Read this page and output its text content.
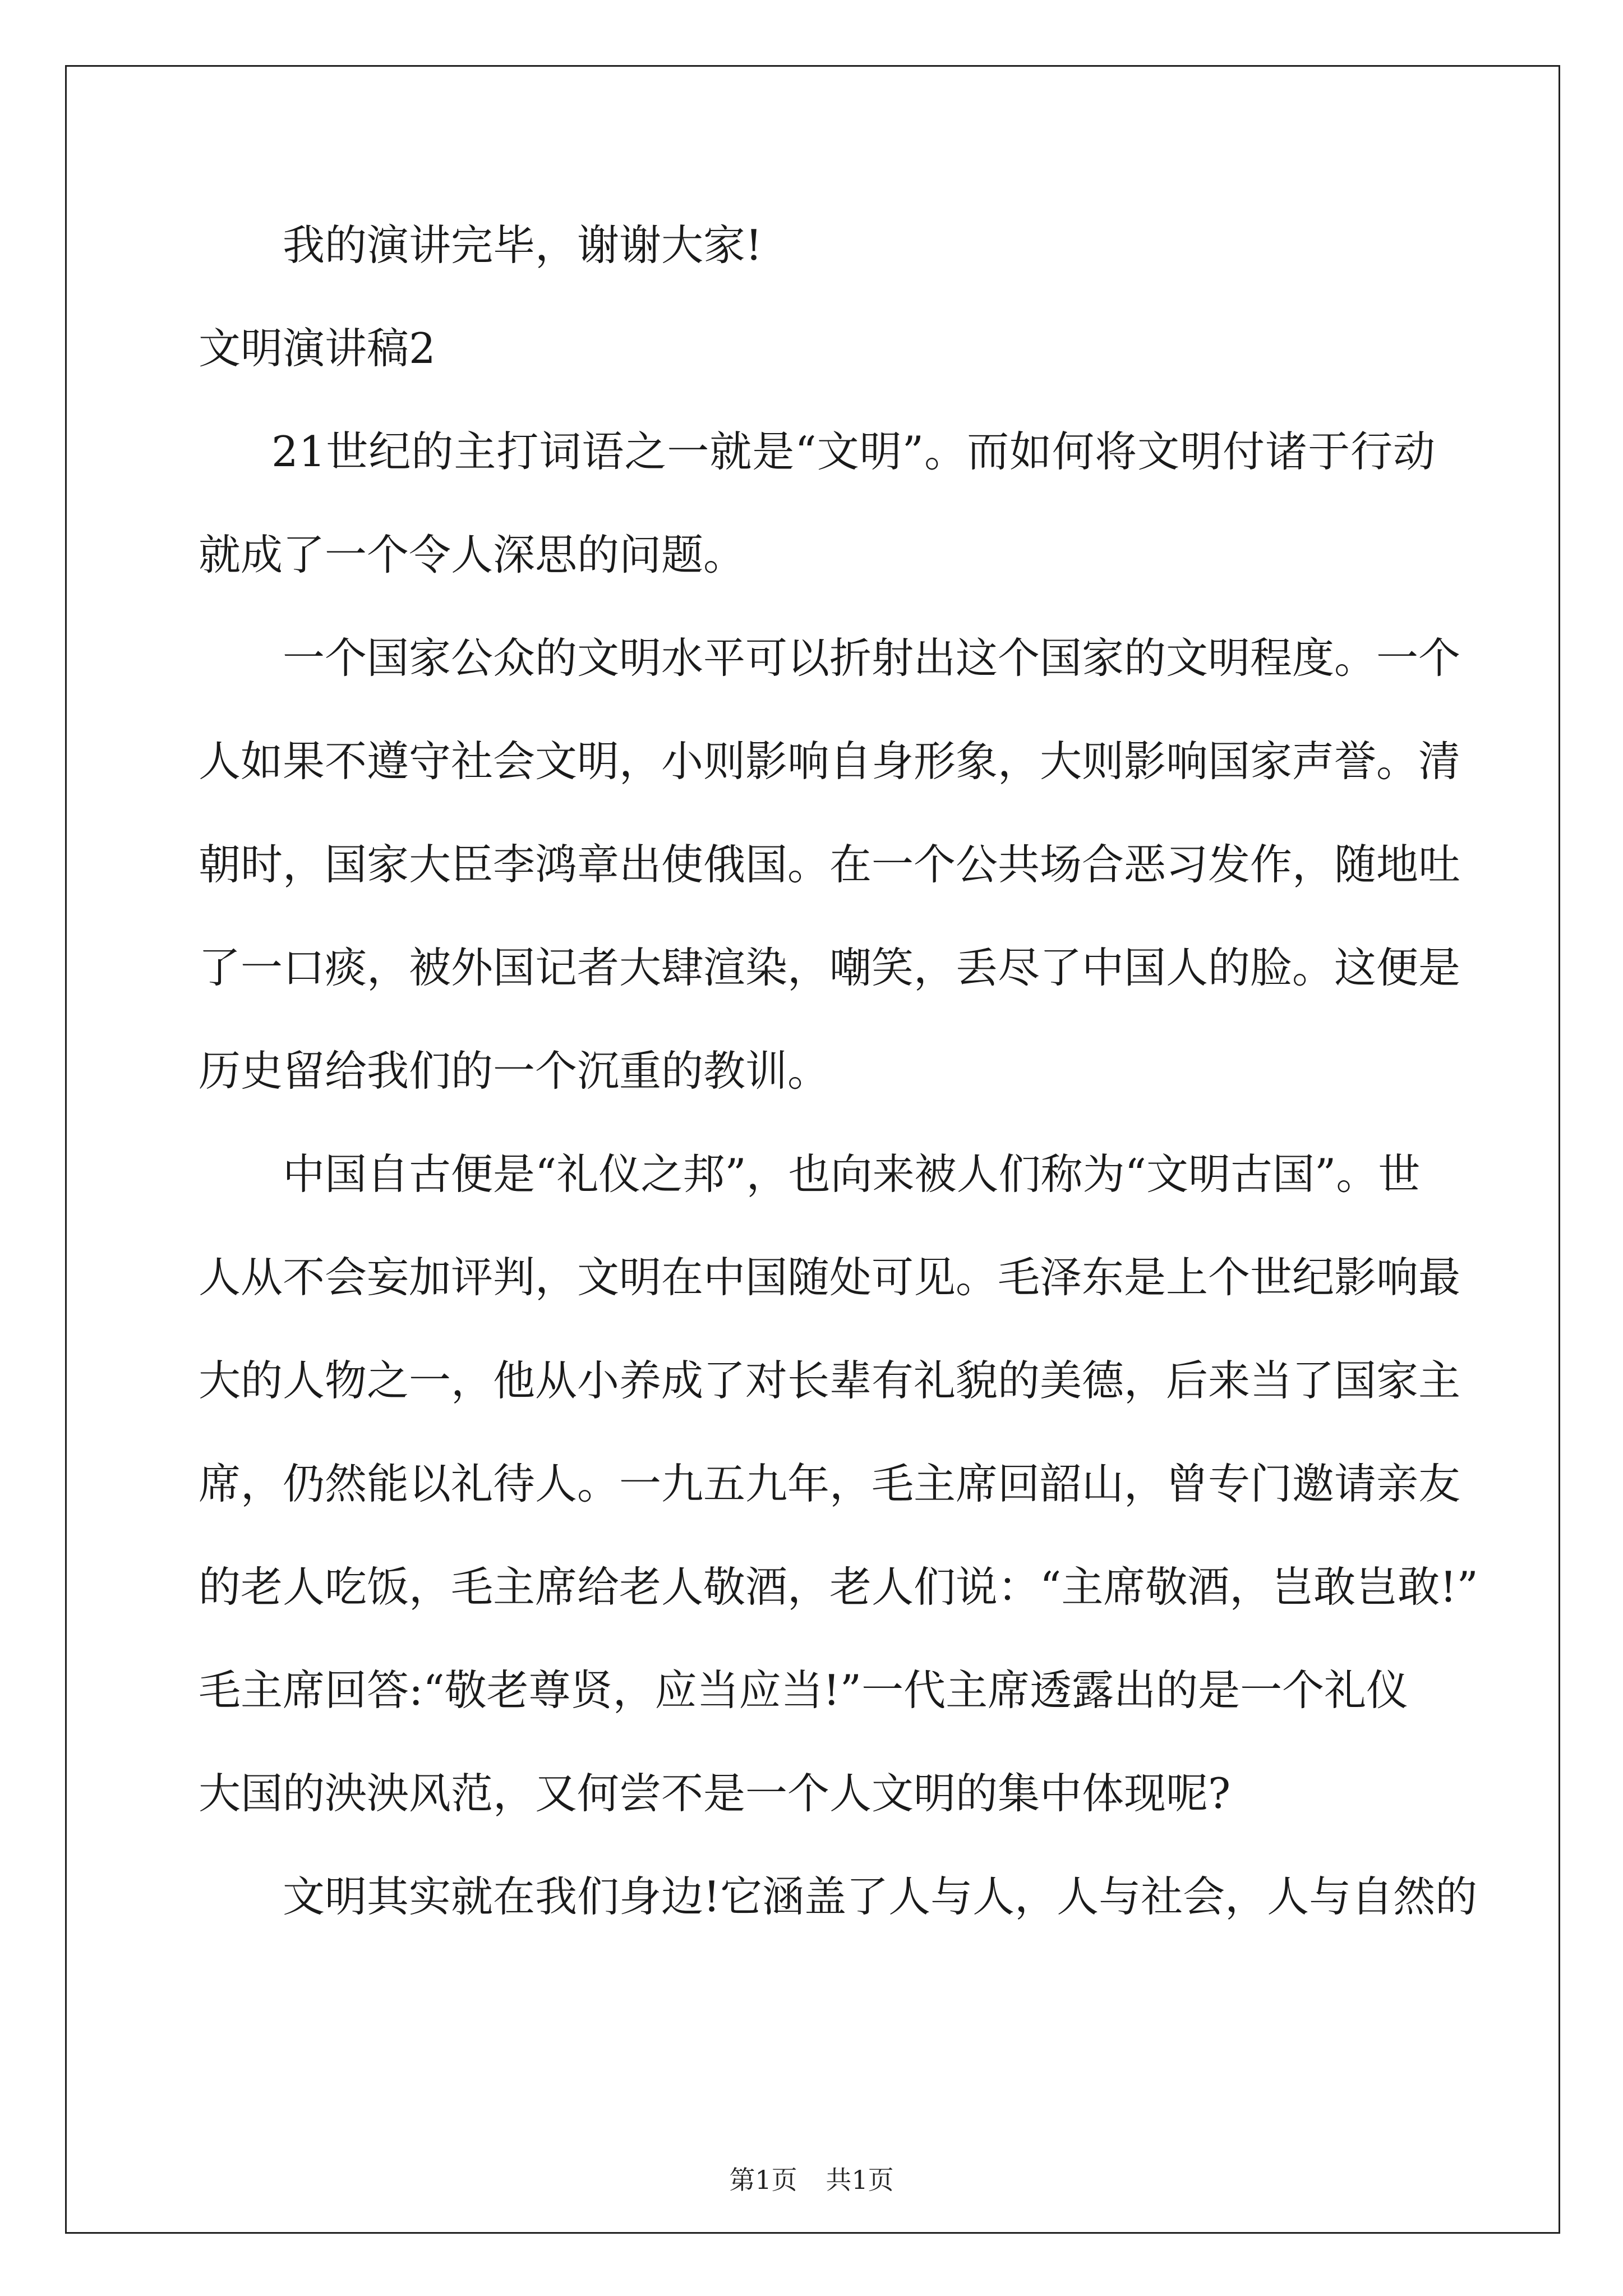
我的演讲完毕，谢谢大家!
文明演讲稿2
21世纪的主打词语之一就是“文明”。而如何将文明付诸于行动
就成了一个令人深思的问题。
一个国家公众的文明水平可以折射出这个国家的文明程度。一个
人如果不遵守社会文明，小则影响自身形象，大则影响国家声誉。清
朝时，国家大臣李鸿章出使俄国。在一个公共场合恶习发作，随地吐
了一口痰，被外国记者大肆渲染，嘲笑，丢尽了中国人的脸。这便是
历史留给我们的一个沉重的教训。
中国自古便是“礼仪之邦”，也向来被人们称为“文明古国”。世
人从不会妄加评判，文明在中国随处可见。毛泽东是上个世纪影响最
大的人物之一，他从小养成了对长辈有礼貌的美德，后来当了国家主
席，仍然能以礼待人。一九五九年，毛主席回韶山，曾专门邀请亲友
的老人吃饭，毛主席给老人敬酒，老人们说：“主席敬酒，岂敢岂敢!”
毛主席回答:“敬老尊贤，应当应当!”一代主席透露出的是一个礼仪
大国的泱泱风范，又何尝不是一个人文明的集中体现呢?
文明其实就在我们身边!它涵盖了人与人，人与社会，人与自然的
第1页 共1页
